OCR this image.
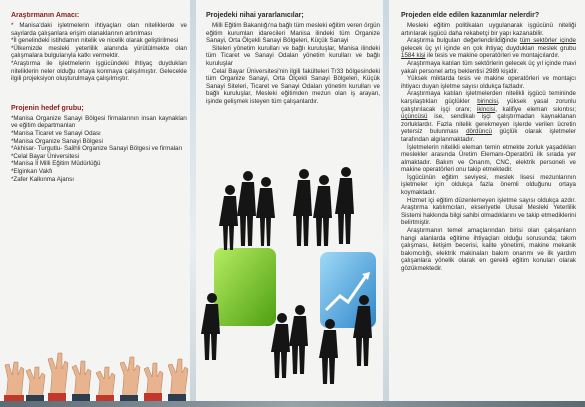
Araştırmanın Amacı:

* Manisa'daki işletmelerin ihtiyaçları olan niteliklerde ve sayılarda çalışanlara erişim olanaklarının artırılması

*İl genelindeki istihdamın nitelik ve nicelik olarak geliştirilmesi

*Ülkemizde mesleki yeterlilik alanında yürütülmekte olan çalışmalara bulgularıyla katkı vermektir.

*Araştırma ile işletmelerin işgücündeki ihtiyaç duydukları niteliklerin neler olduğu ortaya konmaya çalışılmıştır. Gelecekle ilgili projeksiyon oluşturulmaya çalışılmıştır.

Projenin hedef grubu;

*Manisa Organize Sanayi Bölgesi firmalarının insan kaynakları ve eğitim departmanları

*Manisa Ticaret ve Sanayi Odası

*Manisa Organize Sanayi Bölgesi

*Akhisar- Turgutlu- Salihli Organize Sanayi Bölgesi ve firmaları

*Celal Bayar Üniversitesi

*Manisa İl Milli Eğitim Müdürlüğü

*Elginkan Vakfı

*Zafer Kalkınma Ajansı

Projedeki nihai yararlanıcılar;

Milli Eğitim Bakanlığı'na bağlı tüm mesleki eğitim veren örgün eğitim kurumları idarecileri Manisa ilindeki tüm Organize Sanayi, Orta Ölçekli Sanayi Bölgeleri, Küçük Sanayi

Siteleri yönetim kurulları ve bağlı kuruluşlar, Manisa ilindeki tüm Ticaret ve Sanayi Odaları yönetim kurulları ve bağlı kuruluşlar

Celal Bayar Üniversitesi'nin ilgili fakülteleri Tr33 bölgesindeki tüm Organize Sanayi, Orta Ölçekli Sanayi Bölgeleri, Küçük Sanayi Siteleri, Ticaret ve Sanayi Odaları yönetim kurulları ve bağlı kuruluşlar, Mesleki eğitimden mezun olan iş arayan, işinde gelişmek isteyen tüm çalışanlardır.

Projeden elde edilen kazanımlar nelerdir?

Mesleki eğitim politikaları uygulanarak işgücünü niteliği artırılarak işgücü daha rekabetçi bir yapı kazanabilir.

Araştırma bulguları değerlendirildiğinde tüm sektörler içinde gelecek üç yıl içinde en çok ihtiyaç duydukları meslek grubu 1584 kişi ile tesis ve makine operatörleri ve montajcılardır.

Araştırmaya katılan tüm sektörlerin gelecek üç yıl içinde mavi yakalı personel artış beklentisi 2989 kişidir.

Yüksek miktarda tesis ve makine operatörleri ve montajcı ihtiyacı duyan işletme sayısı oldukça fazladır.

Araştırmaya katılan işletmelerden nitelikli işgücü temininde karşılaştıkları güçlükler birincisi, yüksek yasal zorunlu çalıştırılacak işçi oranı; ikincisi, kalifiye eleman sıkıntısı; üçüncüsü ise, sendikalı işçi çalıştırmadan kaynaklanan zorluklardır. Fazla nitelik gerekmeyen işlerde verilen ücretin yetersiz bulunması dördüncü güçlük olarak işletmeler tarafından algılanmaktadır.

İşletmelerin nitelikli eleman temin etmekte zorluk yaşadıkları meslekler arasında Üretim Elemanı-Operatörü ilk sırada yer almaktadır. Bakım ve Onarım, CNC, elektrik personeli ve makine operatörleri onu takip etmektedir.

İşgücünün eğitim seviyesi, meslek lisesi mezunlarının işletmeler için oldukça fazla önemli olduğunu ortaya koymaktadır.

Hizmet içi eğitim düzenlemeyen işletme sayısı oldukça azdır. Araştırma katılımcıları, ekseriyetle Ulusal Mesleki Yeterlilik Sistemi hakkında bilgi sahibi olmadıklarını ve takip etmediklerini belirtmiştir.

Araştırmanın temel amaçlarından birisi olan çalışanların hangi alanlarda eğitime ihtiyaçları olduğu sorusunda; takım çalışması, iletişim becerisi, kalite yönetimi, makine mekanik bakımcılığı, elektrik makinaları bakım onarımı ve ilk yardım çalışanlara yönelik olarak en gerekli eğitim konuları olarak gözükmektedir.
